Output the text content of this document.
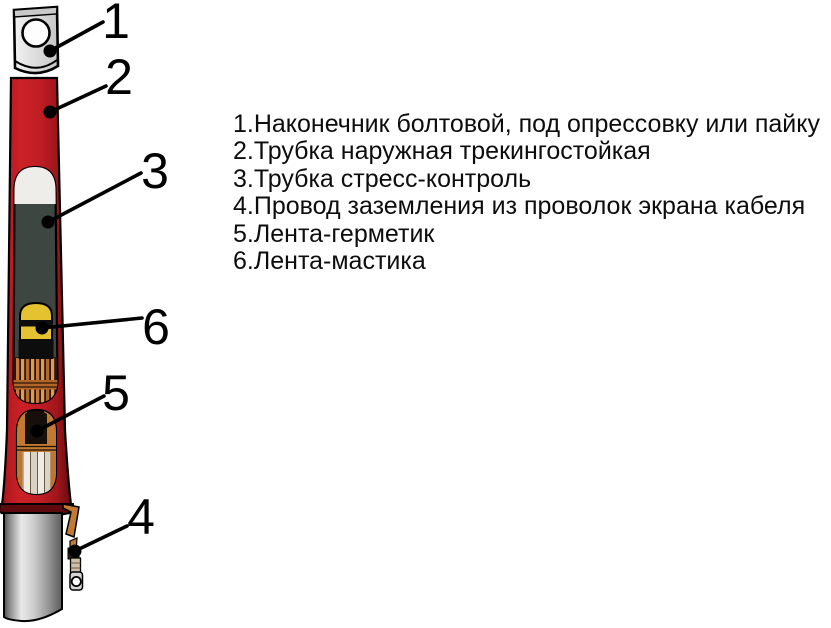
1
2
3
6
5
4
1.Наконечник болтовой, под опрессовку или пайку
2.Трубка наружная трекингостойкая
3.Трубка стресс-контроль
4.Провод заземления из проволок экрана кабеля
5.Лента-герметик
6.Лента-мастика
